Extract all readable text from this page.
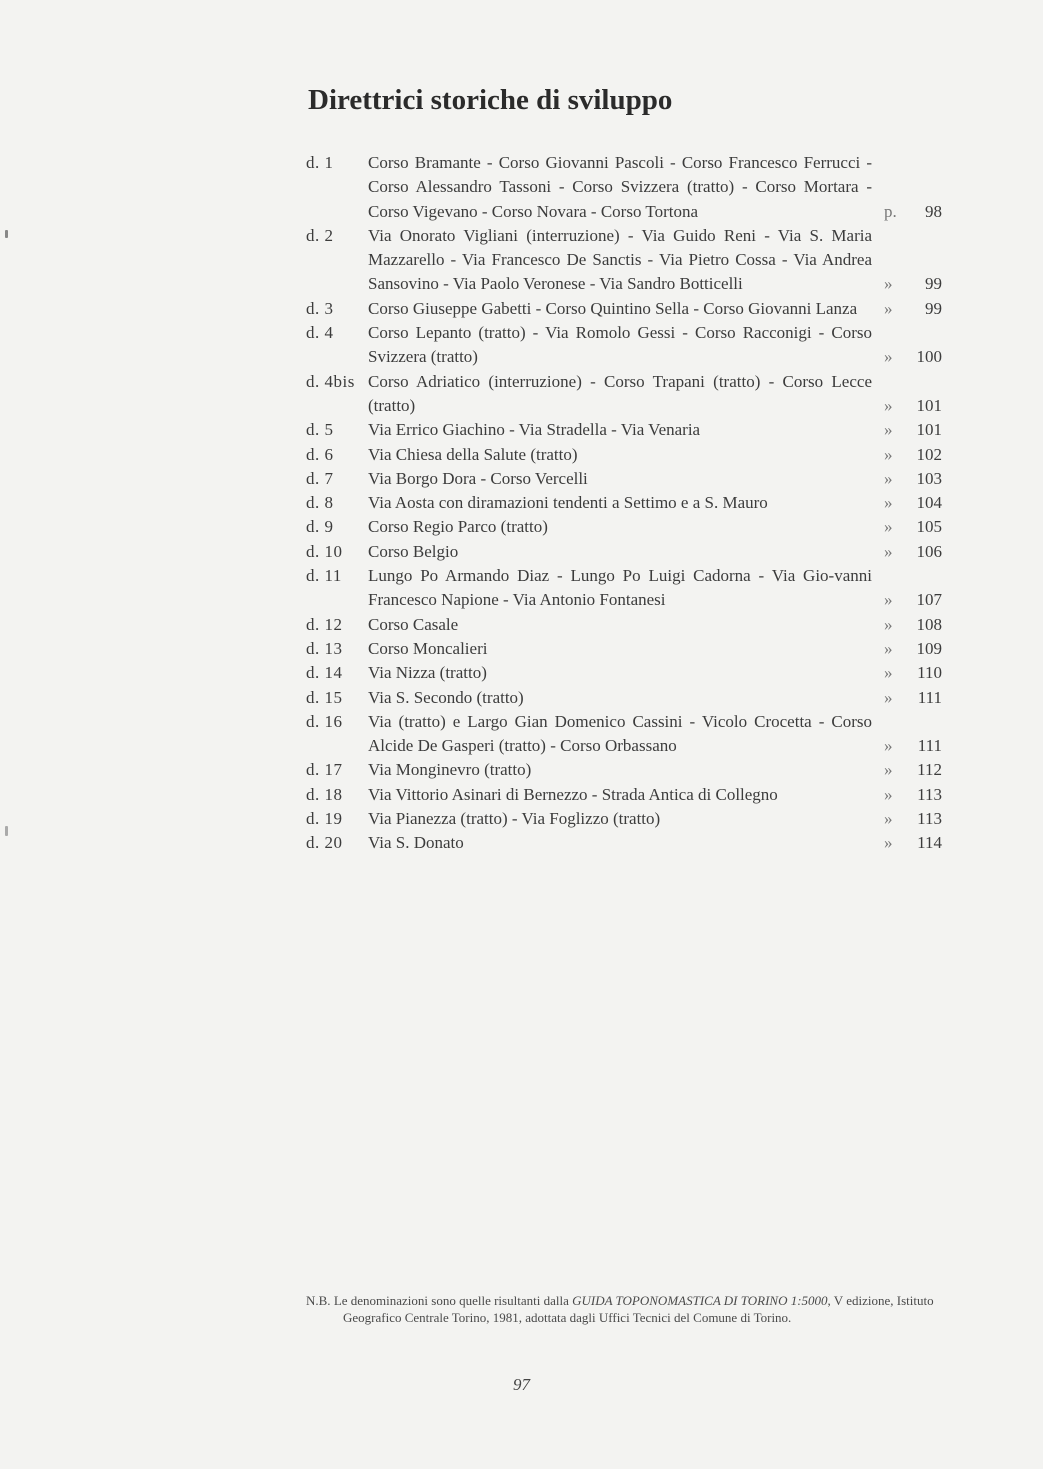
Direttrici storiche di sviluppo
d. 1	Corso Bramante - Corso Giovanni Pascoli - Corso Francesco Ferrucci - Corso Alessandro Tassoni - Corso Svizzera (tratto) - Corso Mortara - Corso Vigevano - Corso Novara - Corso Tortona	p. 98
d. 2	Via Onorato Vigliani (interruzione) - Via Guido Reni - Via S. Maria Mazzarello - Via Francesco De Sanctis - Via Pietro Cossa - Via Andrea Sansovino - Via Paolo Veronese - Via Sandro Botticelli	» 99
d. 3	Corso Giuseppe Gabetti - Corso Quintino Sella - Corso Giovanni Lanza	» 99
d. 4	Corso Lepanto (tratto) - Via Romolo Gessi - Corso Racconigi - Corso Svizzera (tratto)	» 100
d. 4bis Corso Adriatico (interruzione) - Corso Trapani (tratto) - Corso Lecce (tratto)	» 101
d. 5	Via Errico Giachino - Via Stradella - Via Venaria	» 101
d. 6	Via Chiesa della Salute (tratto)	» 102
d. 7	Via Borgo Dora - Corso Vercelli	» 103
d. 8	Via Aosta con diramazioni tendenti a Settimo e a S. Mauro	» 104
d. 9	Corso Regio Parco (tratto)	» 105
d. 10	Corso Belgio	» 106
d. 11	Lungo Po Armando Diaz - Lungo Po Luigi Cadorna - Via Gio-vanni Francesco Napione - Via Antonio Fontanesi	» 107
d. 12	Corso Casale	» 108
d. 13	Corso Moncalieri	» 109
d. 14	Via Nizza (tratto)	» 110
d. 15	Via S. Secondo (tratto)	» 111
d. 16	Via (tratto) e Largo Gian Domenico Cassini - Vicolo Crocetta - Corso Alcide De Gasperi (tratto) - Corso Orbassano	» 111
d. 17	Via Monginevro (tratto)	» 112
d. 18	Via Vittorio Asinari di Bernezzo - Strada Antica di Collegno	» 113
d. 19	Via Pianezza (tratto) - Via Foglizzo (tratto)	» 113
d. 20	Via S. Donato	» 114
N.B. Le denominazioni sono quelle risultanti dalla GUIDA TOPONOMASTICA DI TORINO 1:5000, V edizione, Istituto Geografico Centrale Torino, 1981, adottata dagli Uffici Tecnici del Comune di Torino.
97
